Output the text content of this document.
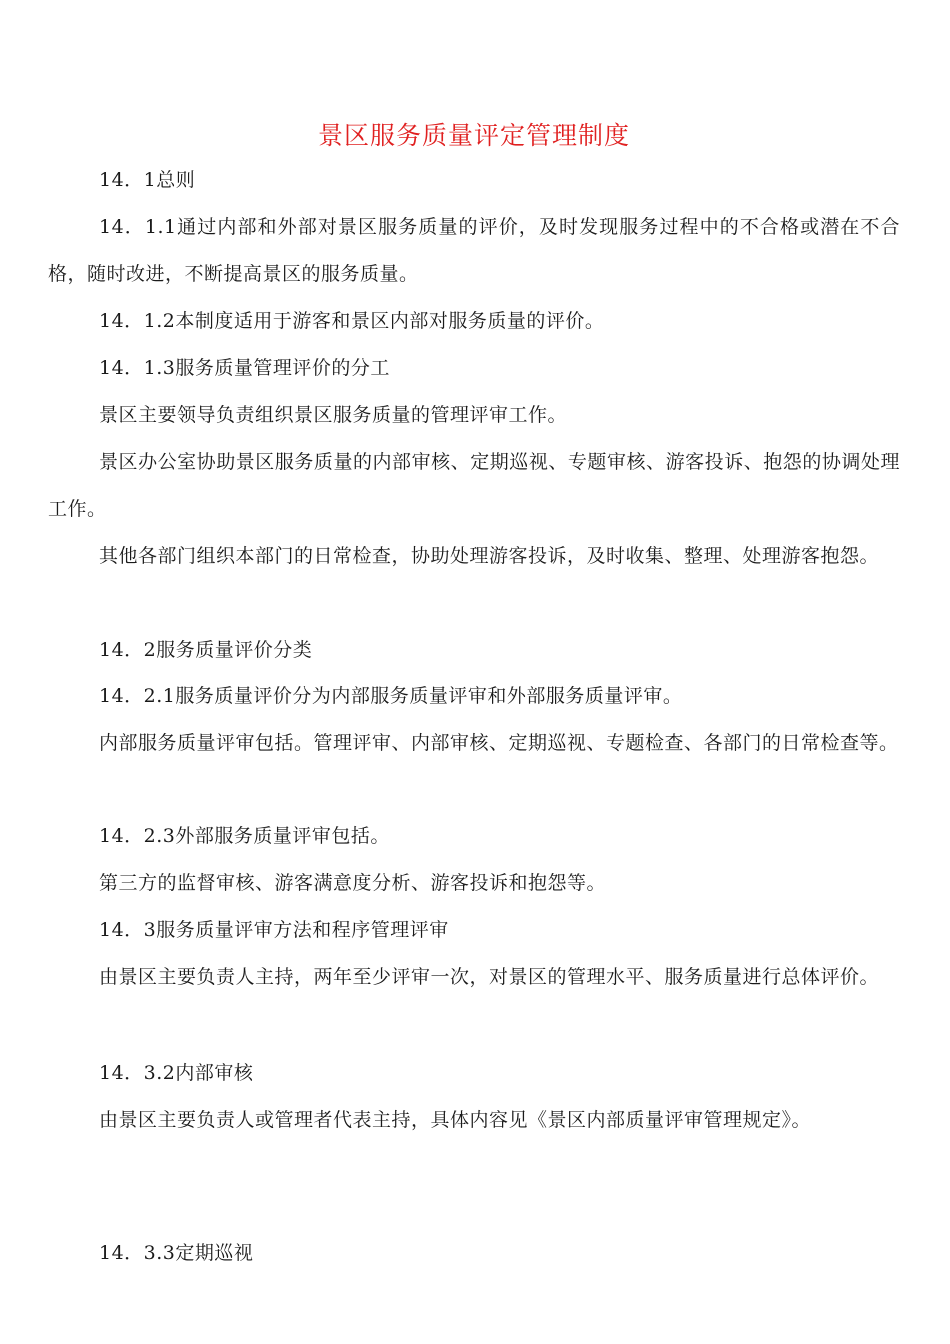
景区服务质量评定管理制度
14．1总则
14．1.1通过内部和外部对景区服务质量的评价，及时发现服务过程中的不合格或潜在不合格，随时改进，不断提高景区的服务质量。
14．1.2本制度适用于游客和景区内部对服务质量的评价。
14．1.3服务质量管理评价的分工
景区主要领导负责组织景区服务质量的管理评审工作。
景区办公室协助景区服务质量的内部审核、定期巡视、专题审核、游客投诉、抱怨的协调处理工作。
其他各部门组织本部门的日常检查，协助处理游客投诉，及时收集、整理、处理游客抱怨。
14．2服务质量评价分类
14．2.1服务质量评价分为内部服务质量评审和外部服务质量评审。
内部服务质量评审包括。管理评审、内部审核、定期巡视、专题检查、各部门的日常检查等。
14．2.3外部服务质量评审包括。
第三方的监督审核、游客满意度分析、游客投诉和抱怨等。
14．3服务质量评审方法和程序管理评审
由景区主要负责人主持，两年至少评审一次，对景区的管理水平、服务质量进行总体评价。
14．3.2内部审核
由景区主要负责人或管理者代表主持，具体内容见《景区内部质量评审管理规定》。
14．3.3定期巡视
